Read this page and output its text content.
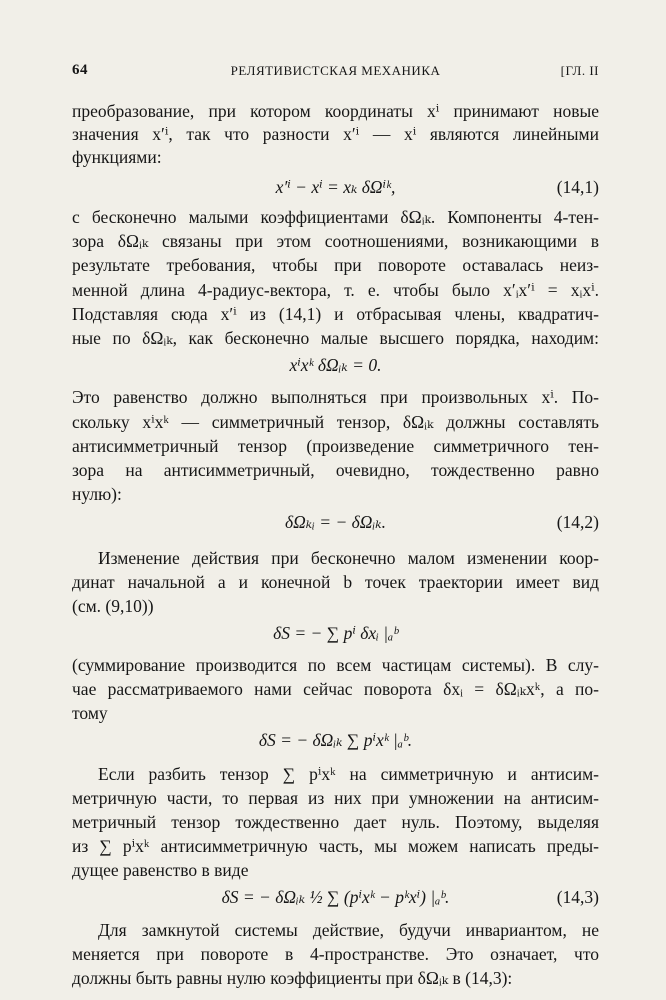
64	РЕЛЯТИВИСТСКАЯ МЕХАНИКА	[ГЛ. II
преобразование, при котором координаты xⁱ принимают новые
значения x′ⁱ, так что разности x′ⁱ — xⁱ являются линейными
функциями:
x′ⁱ − xⁱ = xₖ δΩⁱᵏ,	(14,1)
с бесконечно малыми коэффициентами δΩᵢₖ. Компоненты 4-тен-
зора δΩᵢₖ связаны при этом соотношениями, возникающими в
результате требования, чтобы при повороте оставалась неиз-
менной длина 4-радиус-вектора, т. е. чтобы было x′ᵢx′ⁱ = xᵢxⁱ.
Подставляя сюда x′ⁱ из (14,1) и отбрасывая члены, квадратич-
ные по δΩᵢₖ, как бесконечно малые высшего порядка, находим:
xⁱxᵏ δΩᵢₖ = 0.
Это равенство должно выполняться при произвольных xⁱ. По-
скольку xⁱxᵏ — симметричный тензор, δΩᵢₖ должны составлять
антисимметричный тензор (произведение симметричного тен-
зора на антисимметричный, очевидно, тождественно равно
нулю):
δΩₖᵢ = − δΩᵢₖ.	(14,2)
Изменение действия при бесконечно малом изменении коор-
динат начальной a и конечной b точек траектории имеет вид
(см. (9,10))
δS = − ∑ pⁱ δxᵢ |ₐᵇ
(суммирование производится по всем частицам системы). В слу-
чае рассматриваемого нами сейчас поворота δxᵢ = δΩᵢₖxᵏ, а по-
тому
δS = − δΩᵢₖ ∑ pⁱxᵏ |ₐᵇ.
Если разбить тензор ∑ pⁱxᵏ на симметричную и антисим-
метричную части, то первая из них при умножении на антисим-
метричный тензор тождественно дает нуль. Поэтому, выделяя
из ∑ pⁱxᵏ антисимметричную часть, мы можем написать преды-
дущее равенство в виде
δS = − δΩᵢₖ ½ ∑ (pⁱxᵏ − pᵏxⁱ) |ₐᵇ.	(14,3)
Для замкнутой системы действие, будучи инвариантом, не
меняется при повороте в 4-пространстве. Это означает, что
должны быть равны нулю коэффициенты при δΩᵢₖ в (14,3):
